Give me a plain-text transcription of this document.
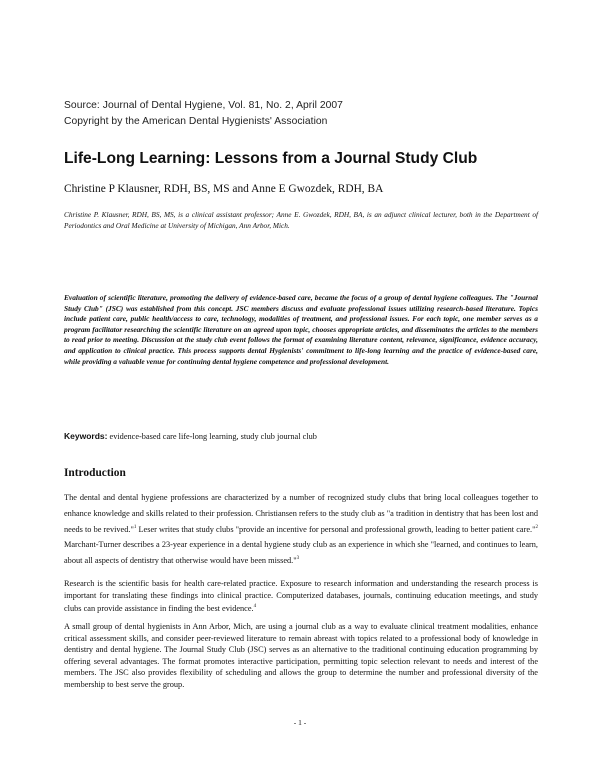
Source: Journal of Dental Hygiene, Vol. 81, No. 2, April 2007
Copyright by the American Dental Hygienists' Association
Life-Long Learning: Lessons from a Journal Study Club
Christine P Klausner, RDH, BS, MS and Anne E Gwozdek, RDH, BA
Christine P. Klausner, RDH, BS, MS, is a clinical assistant professor; Anne E. Gwozdek, RDH, BA, is an adjunct clinical lecturer, both in the Department of Periodontics and Oral Medicine at University of Michigan, Ann Arbor, Mich.
Evaluation of scientific literature, promoting the delivery of evidence-based care, became the focus of a group of dental hygiene colleagues. The "Journal Study Club" (JSC) was established from this concept. JSC members discuss and evaluate professional issues utilizing research-based literature. Topics include patient care, public health/access to care, technology, modalities of treatment, and professional issues. For each topic, one member serves as a program facilitator researching the scientific literature on an agreed upon topic, chooses appropriate articles, and disseminates the articles to the members to read prior to meeting. Discussion at the study club event follows the format of examining literature content, relevance, significance, evidence accuracy, and application to clinical practice. This process supports dental Hygienists' commitment to life-long learning and the practice of evidence-based care, while providing a valuable venue for continuing dental hygiene competence and professional development.
Keywords: evidence-based care life-long learning, study club journal club
Introduction
The dental and dental hygiene professions are characterized by a number of recognized study clubs that bring local colleagues together to enhance knowledge and skills related to their profession. Christiansen refers to the study club as "a tradition in dentistry that has been lost and needs to be revived."$^1$ Leser writes that study clubs "provide an incentive for personal and professional growth, leading to better patient care."$^2$ Marchant-Turner describes a 23-year experience in a dental hygiene study club as an experience in which she "learned, and continues to learn, about all aspects of dentistry that otherwise would have been missed."$^3$
Research is the scientific basis for health care-related practice. Exposure to research information and understanding the research process is important for translating these findings into clinical practice. Computerized databases, journals, continuing education meetings, and study clubs can provide assistance in finding the best evidence.$^4$
A small group of dental hygienists in Ann Arbor, Mich, are using a journal club as a way to evaluate clinical treatment modalities, enhance critical assessment skills, and consider peer-reviewed literature to remain abreast with topics related to a professional body of knowledge in dentistry and dental hygiene. The Journal Study Club (JSC) serves as an alternative to the traditional continuing education programming by offering several advantages. The format promotes interactive participation, permitting topic selection relevant to needs and interest of the members. The JSC also provides flexibility of scheduling and allows the group to determine the number and professional diversity of the membership to best serve the group.
- 1 -
